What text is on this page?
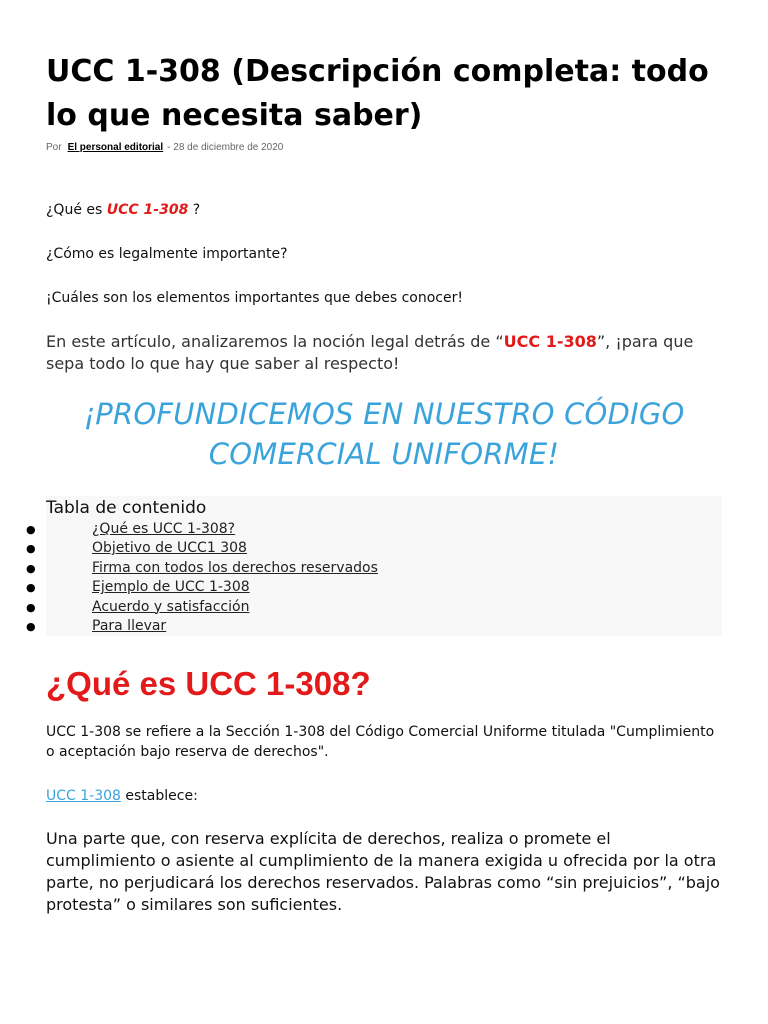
UCC 1-308 (Descripción completa: todo lo que necesita saber)
Por El personal editorial - 28 de diciembre de 2020

¿Qué es UCC 1-308 ?

¿Cómo es legalmente importante?

¡Cuáles son los elementos importantes que debes conocer!

En este artículo, analizaremos la noción legal detrás de “UCC 1-308”, ¡para que sepa todo lo que hay que saber al respecto!

¡PROFUNDICEMOS EN NUESTRO CÓDIGO COMERCIAL UNIFORME!
Tabla de contenido
●	¿Qué es UCC 1-308?
●	Objetivo de UCC1 308
●	Firma con todos los derechos reservados
●	Ejemplo de UCC 1-308
●	Acuerdo y satisfacción
●	Para llevar
¿Qué es UCC 1-308?

UCC 1-308 se refiere a la Sección 1-308 del Código Comercial Uniforme titulada "Cumplimiento o aceptación bajo reserva de derechos".

UCC 1-308 establece:

Una parte que, con reserva explícita de derechos, realiza o promete el cumplimiento o asiente al cumplimiento de la manera exigida u ofrecida por la otra parte, no perjudicará los derechos reservados. Palabras como “sin prejuicios”, “bajo protesta” o similares son suficientes.
